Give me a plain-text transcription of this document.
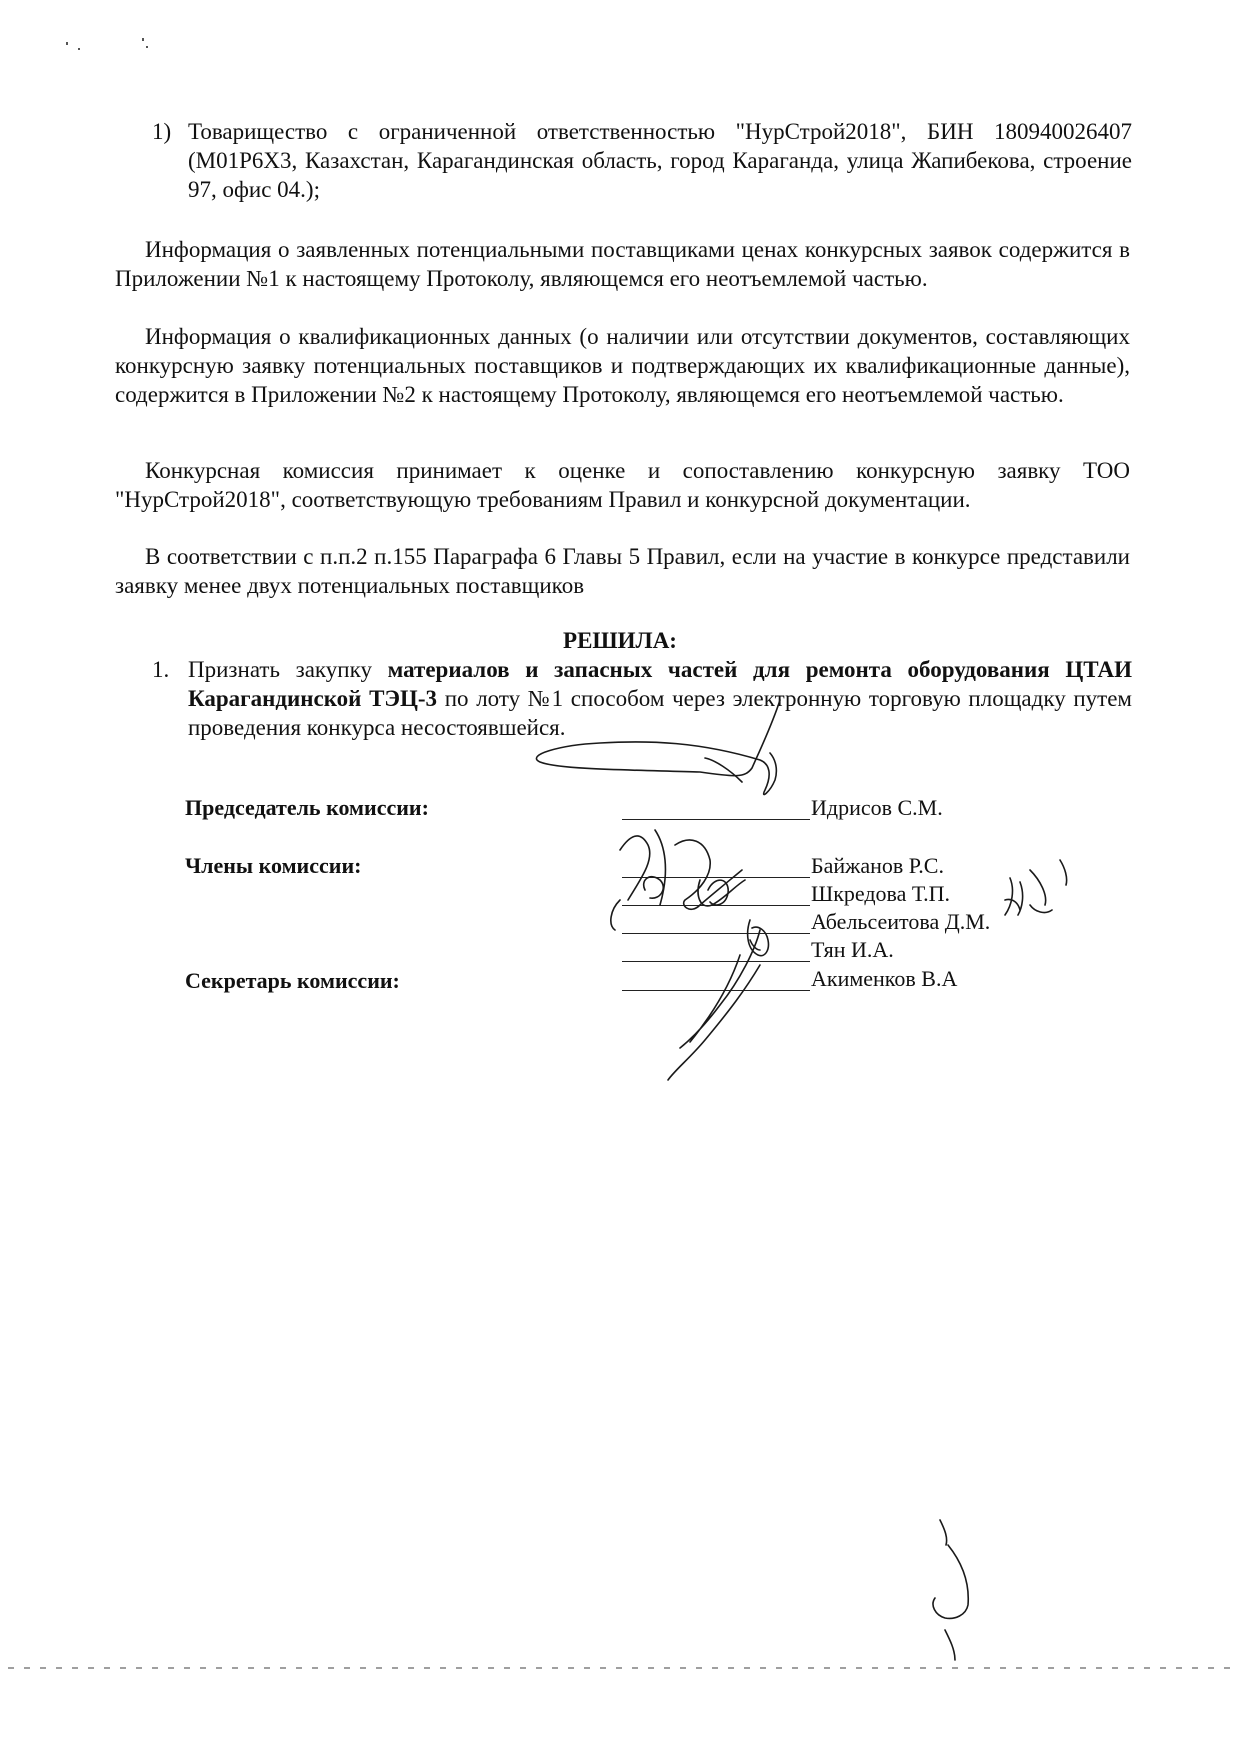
1) Товарищество с ограниченной ответственностью "НурСтрой2018", БИН 180940026407 (M01P6X3, Казахстан, Карагандинская область, город Караганда, улица Жапибекова, строение 97, офис 04.);
Информация о заявленных потенциальными поставщиками ценах конкурсных заявок содержится в Приложении №1 к настоящему Протоколу, являющемся его неотъемлемой частью.
Информация о квалификационных данных (о наличии или отсутствии документов, составляющих конкурсную заявку потенциальных поставщиков и подтверждающих их квалификационные данные), содержится в Приложении №2 к настоящему Протоколу, являющемся его неотъемлемой частью.
Конкурсная комиссия принимает к оценке и сопоставлению конкурсную заявку ТОО "НурСтрой2018", соответствующую требованиям Правил и конкурсной документации.
В соответствии с п.п.2 п.155 Параграфа 6 Главы 5 Правил, если на участие в конкурсе представили заявку менее двух потенциальных поставщиков
РЕШИЛА:
1. Признать закупку материалов и запасных частей для ремонта оборудования ЦТАИ Карагандинской ТЭЦ-3 по лоту №1 способом через электронную торговую площадку путем проведения конкурса несостоявшейся.
Председатель комиссии:	Идрисов С.М.
Члены комиссии:	Байжанов Р.С.
Шкредова Т.П.
Абельсеитова Д.М.
Тян И.А.
Секретарь комиссии:	Акименков В.А
